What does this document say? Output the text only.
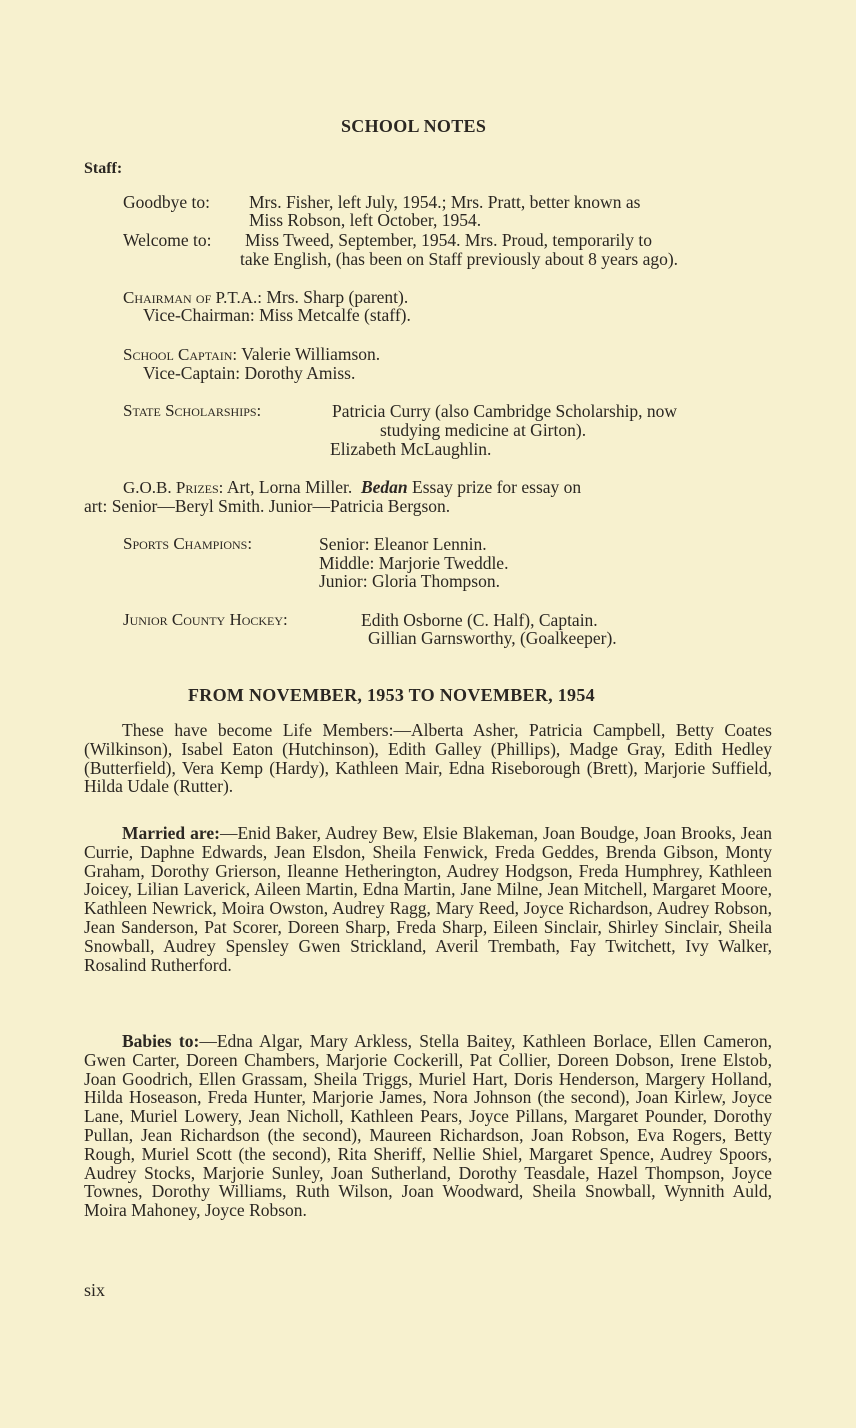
SCHOOL NOTES
Staff:
Goodbye to: Mrs. Fisher, left July, 1954.; Mrs. Pratt, better known as
Miss Robson, left October, 1954.
Welcome to: Miss Tweed, September, 1954. Mrs. Proud, temporarily to
take English, (has been on Staff previously about 8 years ago).
Chairman of P.T.A.: Mrs. Sharp (parent).
Vice-Chairman: Miss Metcalfe (staff).
School Captain: Valerie Williamson.
Vice-Captain: Dorothy Amiss.
State Scholarships:	Patricia Curry (also Cambridge Scholarship, now
studying medicine at Girton).
Elizabeth McLaughlin.
G.O.B. Prizes: Art, Lorna Miller. Bedan Essay prize for essay on
art: Senior—Beryl Smith. Junior—Patricia Bergson.
Sports Champions:	Senior: Eleanor Lennin.
Middle: Marjorie Tweddle.
Junior: Gloria Thompson.
Junior County Hockey:	Edith Osborne (C. Half), Captain.
Gillian Garnsworthy, (Goalkeeper).
FROM NOVEMBER, 1953 TO NOVEMBER, 1954
These have become Life Members:—Alberta Asher, Patricia Campbell, Betty Coates (Wilkinson), Isabel Eaton (Hutchinson), Edith Galley (Phillips), Madge Gray, Edith Hedley (Butterfield), Vera Kemp (Hardy), Kathleen Mair, Edna Riseborough (Brett), Marjorie Suffield, Hilda Udale (Rutter).
Married are:—Enid Baker, Audrey Bew, Elsie Blakeman, Joan Boudge, Joan Brooks, Jean Currie, Daphne Edwards, Jean Elsdon, Sheila Fenwick, Freda Geddes, Brenda Gibson, Monty Graham, Dorothy Grierson, Ileanne Hetherington, Audrey Hodgson, Freda Humphrey, Kathleen Joicey, Lilian Laverick, Aileen Martin, Edna Martin, Jane Milne, Jean Mitchell, Margaret Moore, Kathleen Newrick, Moira Owston, Audrey Ragg, Mary Reed, Joyce Richardson, Audrey Robson, Jean Sanderson, Pat Scorer, Doreen Sharp, Freda Sharp, Eileen Sinclair, Shirley Sinclair, Sheila Snowball, Audrey Spensley Gwen Strickland, Averil Trembath, Fay Twitchett, Ivy Walker, Rosalind Rutherford.
Babies to:—Edna Algar, Mary Arkless, Stella Baitey, Kathleen Borlace, Ellen Cameron, Gwen Carter, Doreen Chambers, Marjorie Cockerill, Pat Collier, Doreen Dobson, Irene Elstob, Joan Goodrich, Ellen Grassam, Sheila Triggs, Muriel Hart, Doris Henderson, Margery Holland, Hilda Hoseason, Freda Hunter, Marjorie James, Nora Johnson (the second), Joan Kirlew, Joyce Lane, Muriel Lowery, Jean Nicholl, Kathleen Pears, Joyce Pillans, Margaret Pounder, Dorothy Pullan, Jean Richardson (the second), Maureen Richardson, Joan Robson, Eva Rogers, Betty Rough, Muriel Scott (the second), Rita Sheriff, Nellie Shiel, Margaret Spence, Audrey Spoors, Audrey Stocks, Marjorie Sunley, Joan Sutherland, Dorothy Teasdale, Hazel Thompson, Joyce Townes, Dorothy Williams, Ruth Wilson, Joan Woodward, Sheila Snowball, Wynnith Auld, Moira Mahoney, Joyce Robson.
six
